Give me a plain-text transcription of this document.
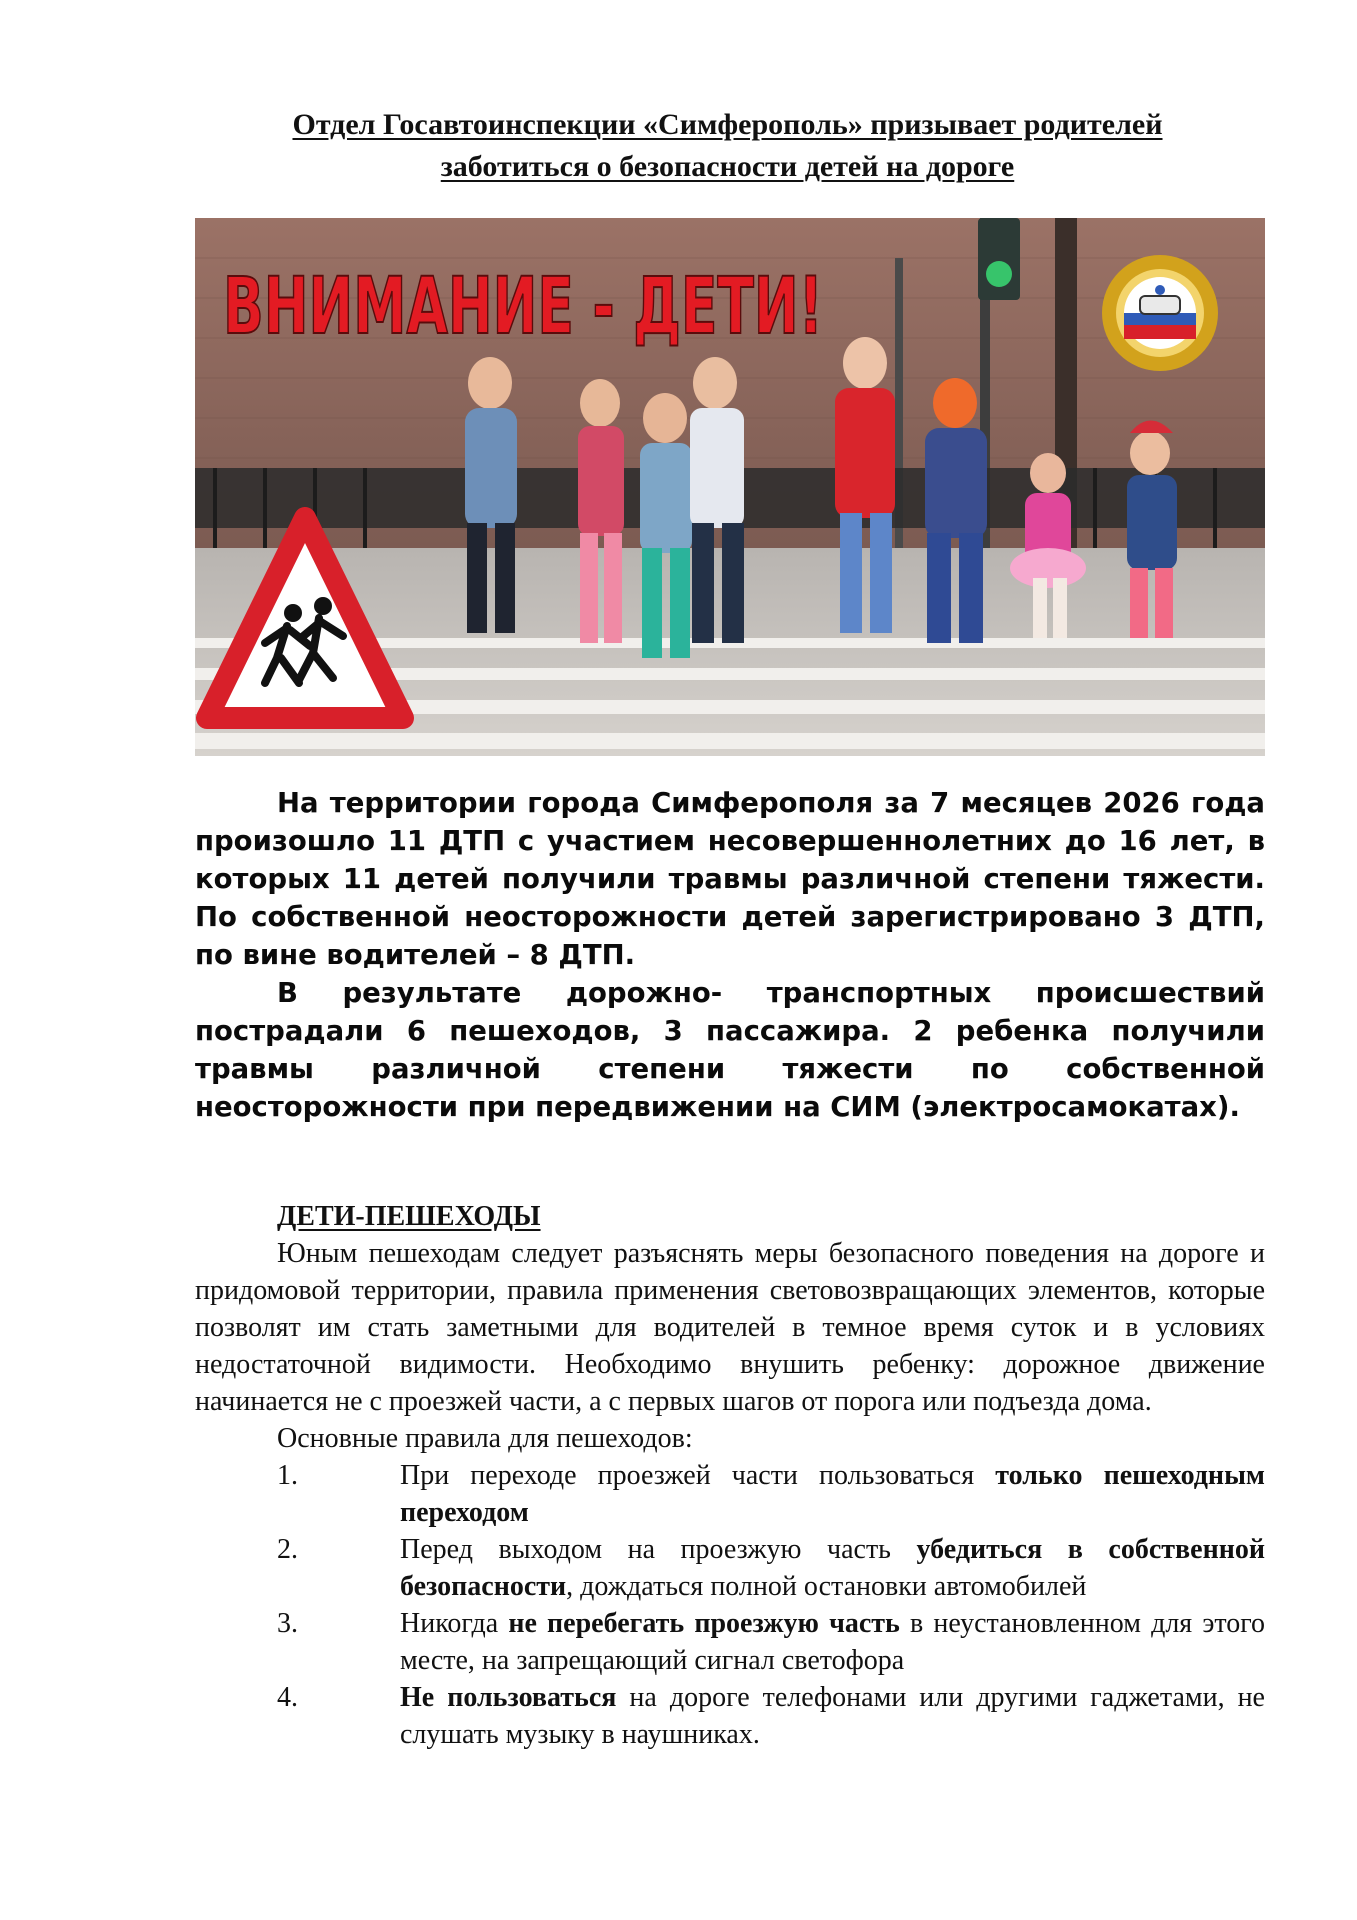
Отдел Госавтоинспекции «Симферополь» призывает родителей
заботиться о безопасности детей на дороге
ВНИМАНИЕ - ДЕТИ!

На территории города Симферополя за 7 месяцев 2026 года произошло 11 ДТП с участием несовершеннолетних до 16 лет, в которых 11 детей получили травмы различной степени тяжести. По собственной неосторожности детей зарегистрировано 3 ДТП, по вине водителей – 8 ДТП.

В результате дорожно- транспортных происшествий пострадали 6 пешеходов, 3 пассажира. 2 ребенка получили травмы различной степени тяжести по собственной неосторожности при передвижении на СИМ (электросамокатах).

ДЕТИ-ПЕШЕХОДЫ

Юным пешеходам следует разъяснять меры безопасного поведения на дороге и придомовой территории, правила применения световозвращающих элементов, которые позволят им стать заметными для водителей в темное время суток и в условиях недостаточной видимости. Необходимо внушить ребенку: дорожное движение начинается не с проезжей части, а с первых шагов от порога или подъезда дома.

Основные правила для пешеходов:

1.	При переходе проезжей части пользоваться только пешеходным переходом
2.	Перед выходом на проезжую часть убедиться в собственной безопасности, дождаться полной остановки автомобилей
3.	Никогда не перебегать проезжую часть в неустановленном для этого месте, на запрещающий сигнал светофора
4.	Не пользоваться на дороге телефонами или другими гаджетами, не слушать музыку в наушниках.
